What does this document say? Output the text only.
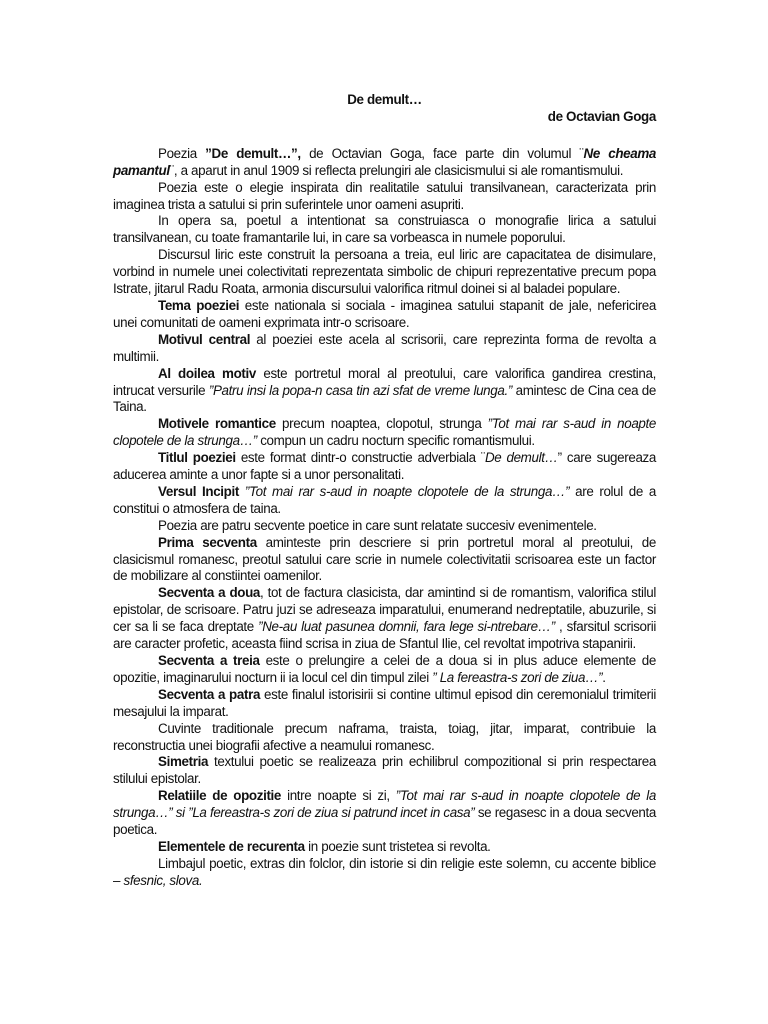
De demult…

de Octavian Goga

Poezia ”De demult…”, de Octavian Goga, face parte din volumul ¨Ne cheama pamantul¨, a aparut in anul 1909 si reflecta prelungiri ale clasicismului si ale romantismului.

Poezia este o elegie inspirata din realitatile satului transilvanean, caracterizata prin imaginea trista a satului si prin suferintele unor oameni asupriti.

In opera sa, poetul a intentionat sa construiasca o monografie lirica a satului transilvanean, cu toate framantarile lui, in care sa vorbeasca in numele poporului.

Discursul liric este construit la persoana a treia, eul liric are capacitatea de disimulare, vorbind in numele unei colectivitati reprezentata simbolic de chipuri reprezentative precum popa Istrate, jitarul Radu Roata, armonia discursului valorifica ritmul doinei si al baladei populare.

Tema poeziei este nationala si sociala - imaginea satului stapanit de jale, nefericirea unei comunitati de oameni exprimata intr-o scrisoare.

Motivul central al poeziei este acela al scrisorii, care reprezinta forma de revolta a multimii.

Al doilea motiv este portretul moral al preotului, care valorifica gandirea crestina, intrucat versurile ”Patru insi la popa-n casa tin azi sfat de vreme lunga.” amintesc de Cina cea de Taina.

Motivele romantice precum noaptea, clopotul, strunga ”Tot mai rar s-aud in noapte clopotele de la strunga…” compun un cadru nocturn specific romantismului.

Titlul poeziei este format dintr-o constructie adverbiala ¨De demult…” care sugereaza aducerea aminte a unor fapte si a unor personalitati.

Versul Incipit ”Tot mai rar s-aud in noapte clopotele de la strunga…” are rolul de a constitui o atmosfera de taina.

Poezia are patru secvente poetice in care sunt relatate succesiv evenimentele.

Prima secventa aminteste prin descriere si prin portretul moral al preotului, de clasicismul romanesc, preotul satului care scrie in numele colectivitatii scrisoarea este un factor de mobilizare al constiintei oamenilor.

Secventa a doua, tot de factura clasicista, dar amintind si de romantism, valorifica stilul epistolar, de scrisoare. Patru juzi se adreseaza imparatului, enumerand nedreptatile, abuzurile, si cer sa li se faca dreptate ”Ne-au luat pasunea domnii, fara lege si-ntrebare…” , sfarsitul scrisorii are caracter profetic, aceasta fiind scrisa in ziua de Sfantul Ilie, cel revoltat impotriva stapanirii.

Secventa a treia este o prelungire a celei de a doua si in plus aduce elemente de opozitie, imaginarului nocturn ii ia locul cel din timpul zilei ” La fereastra-s zori de ziua…”.

Secventa a patra este finalul istorisirii si contine ultimul episod din ceremonialul trimiterii mesajului la imparat.

Cuvinte traditionale precum naframa, traista, toiag, jitar, imparat, contribuie la reconstructia unei biografii afective a neamului romanesc.

Simetria textului poetic se realizeaza prin echilibrul compozitional si prin respectarea stilului epistolar.

Relatiile de opozitie intre noapte si zi, ”Tot mai rar s-aud in noapte clopotele de la strunga…” si ”La fereastra-s zori de ziua si patrund incet in casa” se regasesc in a doua secventa poetica.

Elementele de recurenta in poezie sunt tristetea si revolta.

Limbajul poetic, extras din folclor, din istorie si din religie este solemn, cu accente biblice – sfesnic, slova.
